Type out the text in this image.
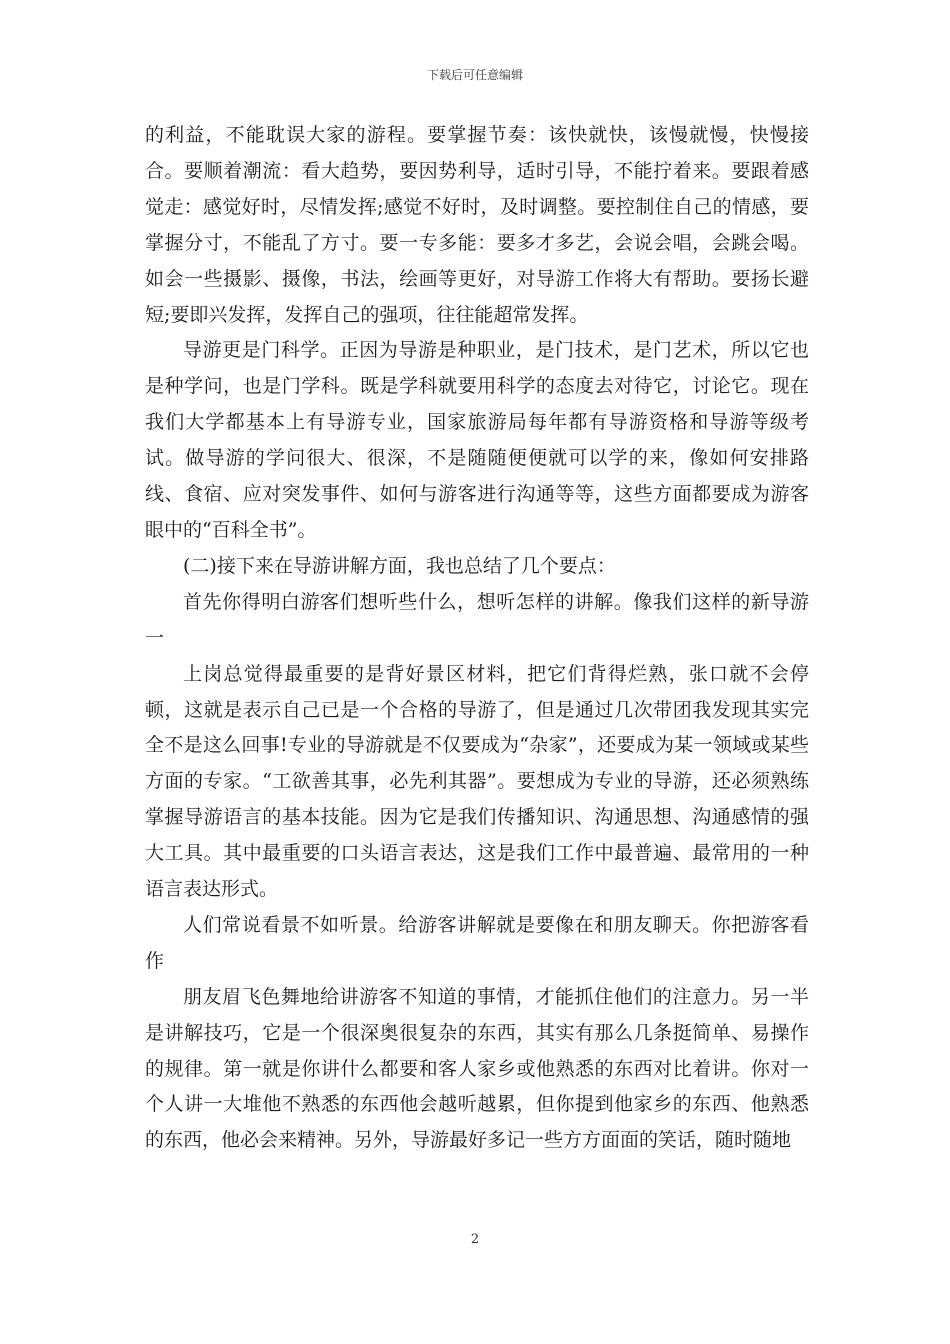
下载后可任意编辑

的利益，不能耽误大家的游程。要掌握节奏：该快就快，该慢就慢，快慢接合。要顺着潮流：看大趋势，要因势利导，适时引导，不能拧着来。要跟着感觉走：感觉好时，尽情发挥;感觉不好时，及时调整。要控制住自己的情感，要掌握分寸，不能乱了方寸。要一专多能：要多才多艺，会说会唱，会跳会喝。如会一些摄影、摄像，书法，绘画等更好，对导游工作将大有帮助。要扬长避短;要即兴发挥，发挥自己的强项，往往能超常发挥。

导游更是门科学。正因为导游是种职业，是门技术，是门艺术，所以它也是种学问，也是门学科。既是学科就要用科学的态度去对待它，讨论它。现在我们大学都基本上有导游专业，国家旅游局每年都有导游资格和导游等级考试。做导游的学问很大、很深，不是随随便便就可以学的来，像如何安排路线、食宿、应对突发事件、如何与游客进行沟通等等，这些方面都要成为游客眼中的“百科全书”。

(二)接下来在导游讲解方面，我也总结了几个要点：

首先你得明白游客们想听些什么，想听怎样的讲解。像我们这样的新导游一

上岗总觉得最重要的是背好景区材料，把它们背得烂熟，张口就不会停顿，这就是表示自己已是一个合格的导游了，但是通过几次带团我发现其实完全不是这么回事!专业的导游就是不仅要成为“杂家”，还要成为某一领域或某些方面的专家。“工欲善其事，必先利其器”。要想成为专业的导游，还必须熟练掌握导游语言的基本技能。因为它是我们传播知识、沟通思想、沟通感情的强大工具。其中最重要的口头语言表达，这是我们工作中最普遍、最常用的一种语言表达形式。

人们常说看景不如听景。给游客讲解就是要像在和朋友聊天。你把游客看作

朋友眉飞色舞地给讲游客不知道的事情，才能抓住他们的注意力。另一半是讲解技巧，它是一个很深奥很复杂的东西，其实有那么几条挺简单、易操作的规律。第一就是你讲什么都要和客人家乡或他熟悉的东西对比着讲。你对一个人讲一大堆他不熟悉的东西他会越听越累，但你提到他家乡的东西、他熟悉的东西，他必会来精神。另外，导游最好多记一些方方面面的笑话，随时随地

2
